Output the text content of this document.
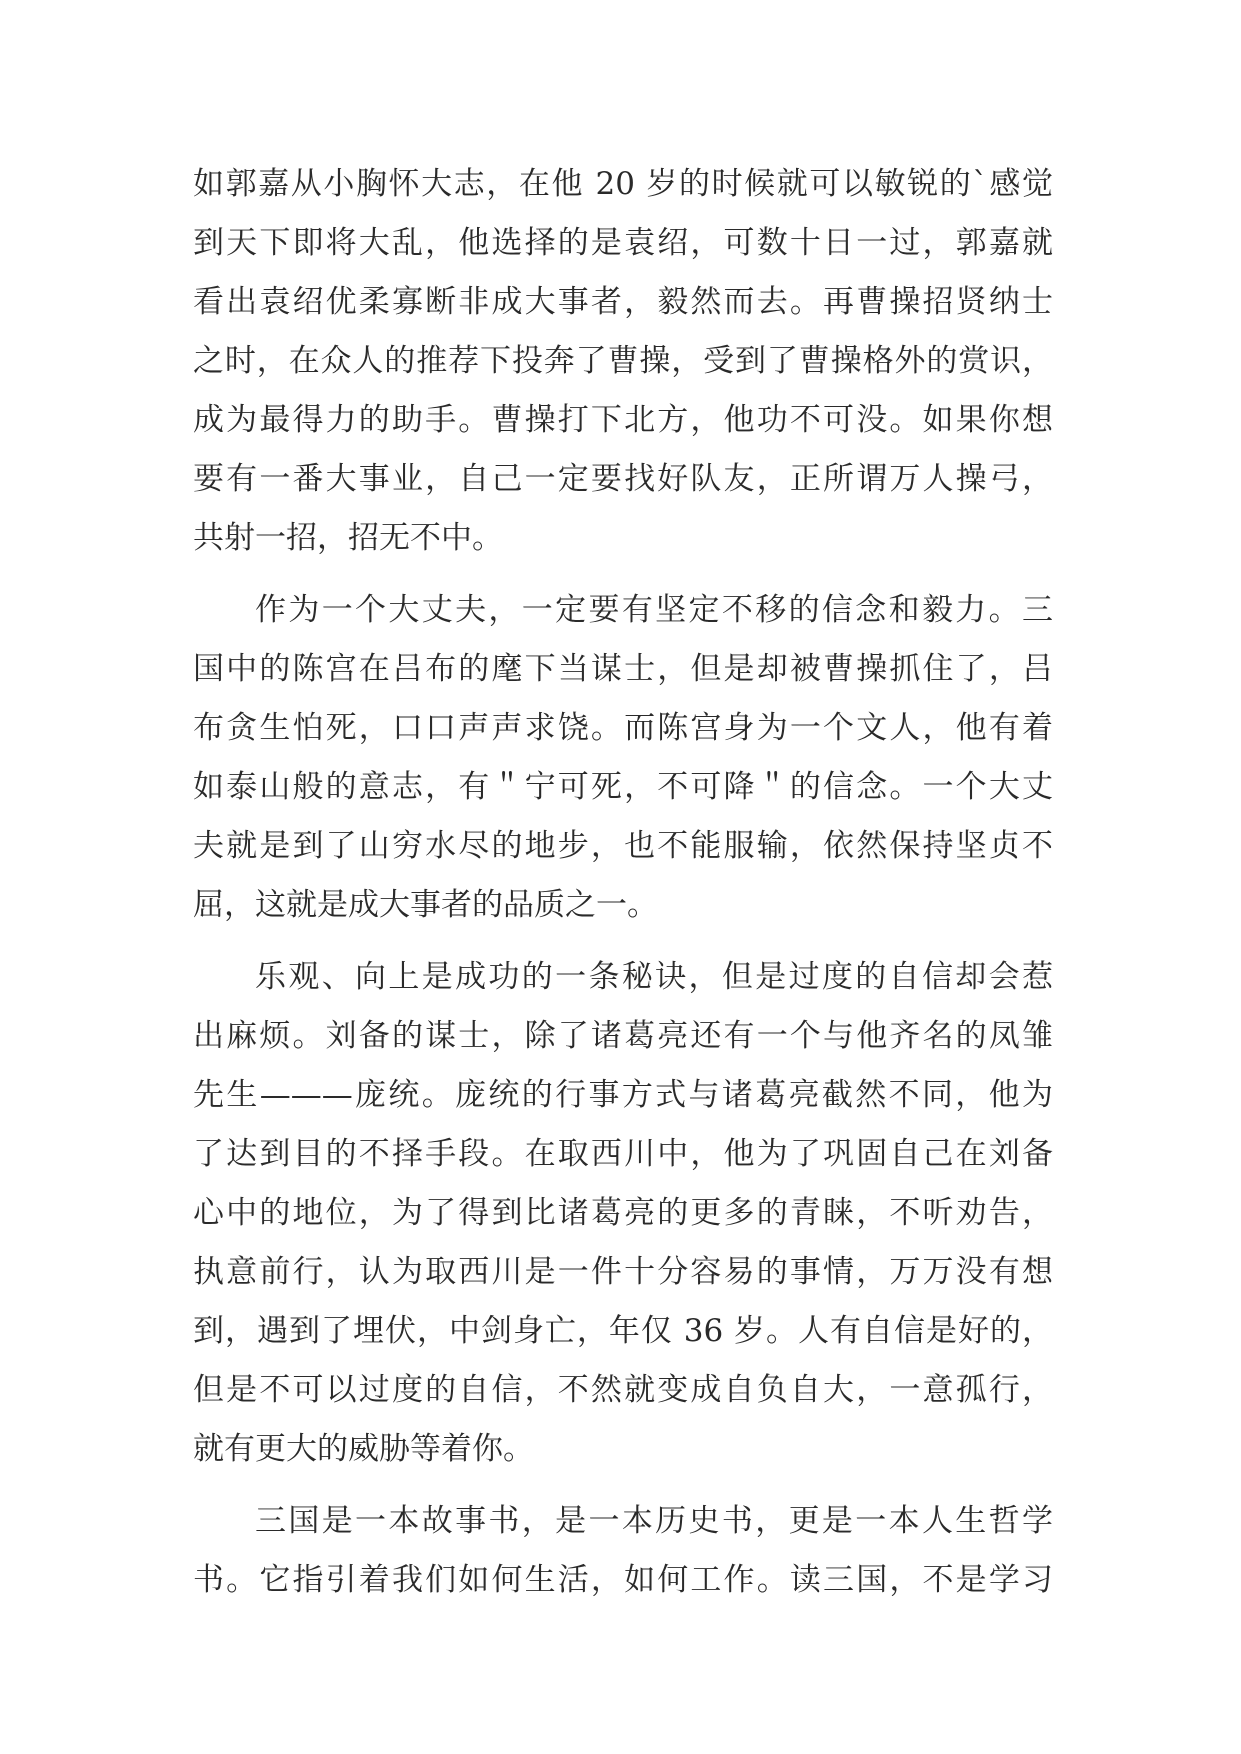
如郭嘉从小胸怀大志，在他 20 岁的时候就可以敏锐的`感觉
到天下即将大乱，他选择的是袁绍，可数十日一过，郭嘉就
看出袁绍优柔寡断非成大事者，毅然而去。再曹操招贤纳士
之时，在众人的推荐下投奔了曹操，受到了曹操格外的赏识，
成为最得力的助手。曹操打下北方，他功不可没。如果你想
要有一番大事业，自己一定要找好队友，正所谓万人操弓，
共射一招，招无不中。
作为一个大丈夫，一定要有坚定不移的信念和毅力。三
国中的陈宫在吕布的麾下当谋士，但是却被曹操抓住了，吕
布贪生怕死，口口声声求饶。而陈宫身为一个文人，他有着
如泰山般的意志，有＂宁可死，不可降＂的信念。一个大丈
夫就是到了山穷水尽的地步，也不能服输，依然保持坚贞不
屈，这就是成大事者的品质之一。
乐观、向上是成功的一条秘诀，但是过度的自信却会惹
出麻烦。刘备的谋士，除了诸葛亮还有一个与他齐名的凤雏
先生———庞统。庞统的行事方式与诸葛亮截然不同，他为
了达到目的不择手段。在取西川中，他为了巩固自己在刘备
心中的地位，为了得到比诸葛亮的更多的青睐，不听劝告，
执意前行，认为取西川是一件十分容易的事情，万万没有想
到，遇到了埋伏，中剑身亡，年仅 36 岁。人有自信是好的，
但是不可以过度的自信，不然就变成自负自大，一意孤行，
就有更大的威胁等着你。
三国是一本故事书，是一本历史书，更是一本人生哲学
书。它指引着我们如何生活，如何工作。读三国，不是学习
